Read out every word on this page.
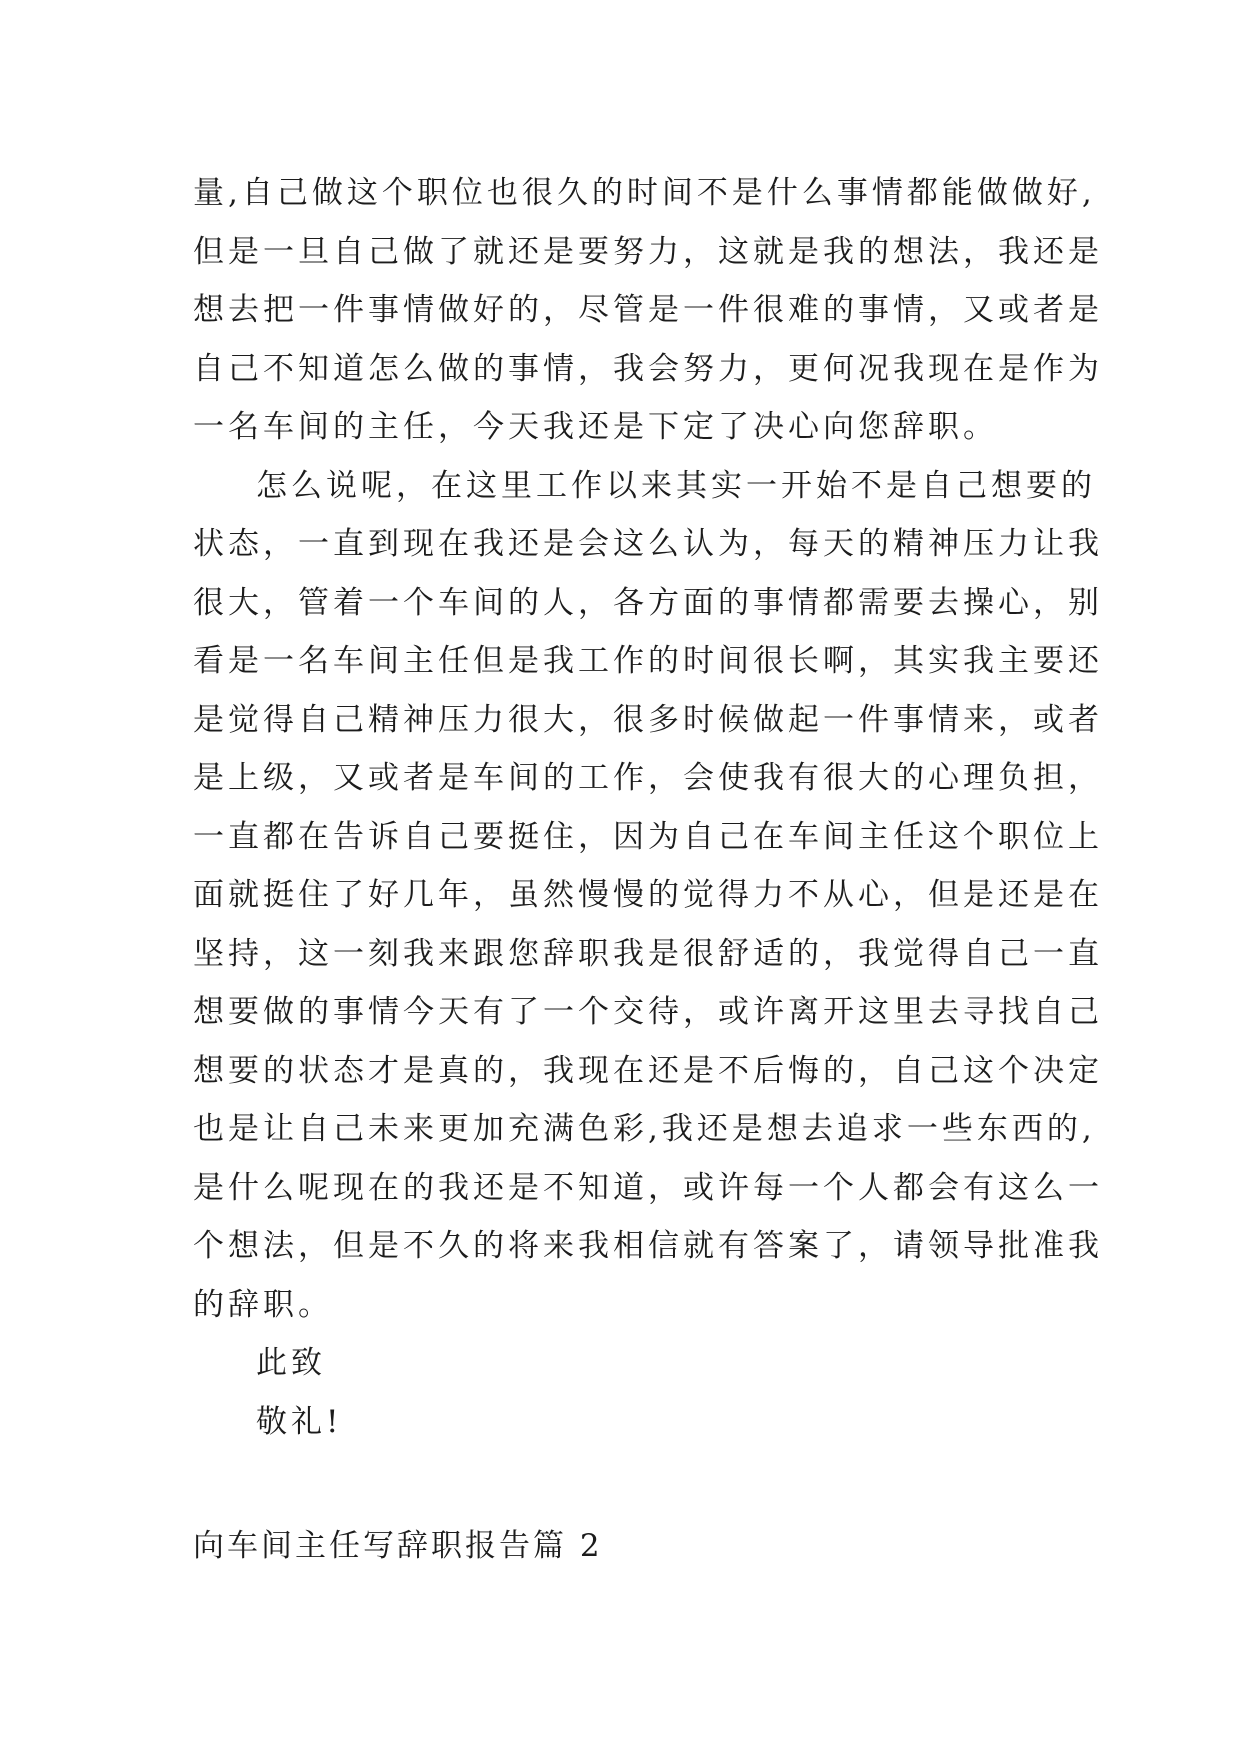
量,自己做这个职位也很久的时间不是什么事情都能做做好,
但是一旦自己做了就还是要努力，这就是我的想法，我还是
想去把一件事情做好的，尽管是一件很难的事情，又或者是
自己不知道怎么做的事情，我会努力，更何况我现在是作为
一名车间的主任，今天我还是下定了决心向您辞职。
怎么说呢，在这里工作以来其实一开始不是自己想要的
状态，一直到现在我还是会这么认为，每天的精神压力让我
很大，管着一个车间的人，各方面的事情都需要去操心，别
看是一名车间主任但是我工作的时间很长啊，其实我主要还
是觉得自己精神压力很大，很多时候做起一件事情来，或者
是上级，又或者是车间的工作，会使我有很大的心理负担，
一直都在告诉自己要挺住，因为自己在车间主任这个职位上
面就挺住了好几年，虽然慢慢的觉得力不从心，但是还是在
坚持，这一刻我来跟您辞职我是很舒适的，我觉得自己一直
想要做的事情今天有了一个交待，或许离开这里去寻找自己
想要的状态才是真的，我现在还是不后悔的，自己这个决定
也是让自己未来更加充满色彩,我还是想去追求一些东西的,
是什么呢现在的我还是不知道，或许每一个人都会有这么一
个想法，但是不久的将来我相信就有答案了，请领导批准我
的辞职。
此致
敬礼!
向车间主任写辞职报告篇 2
